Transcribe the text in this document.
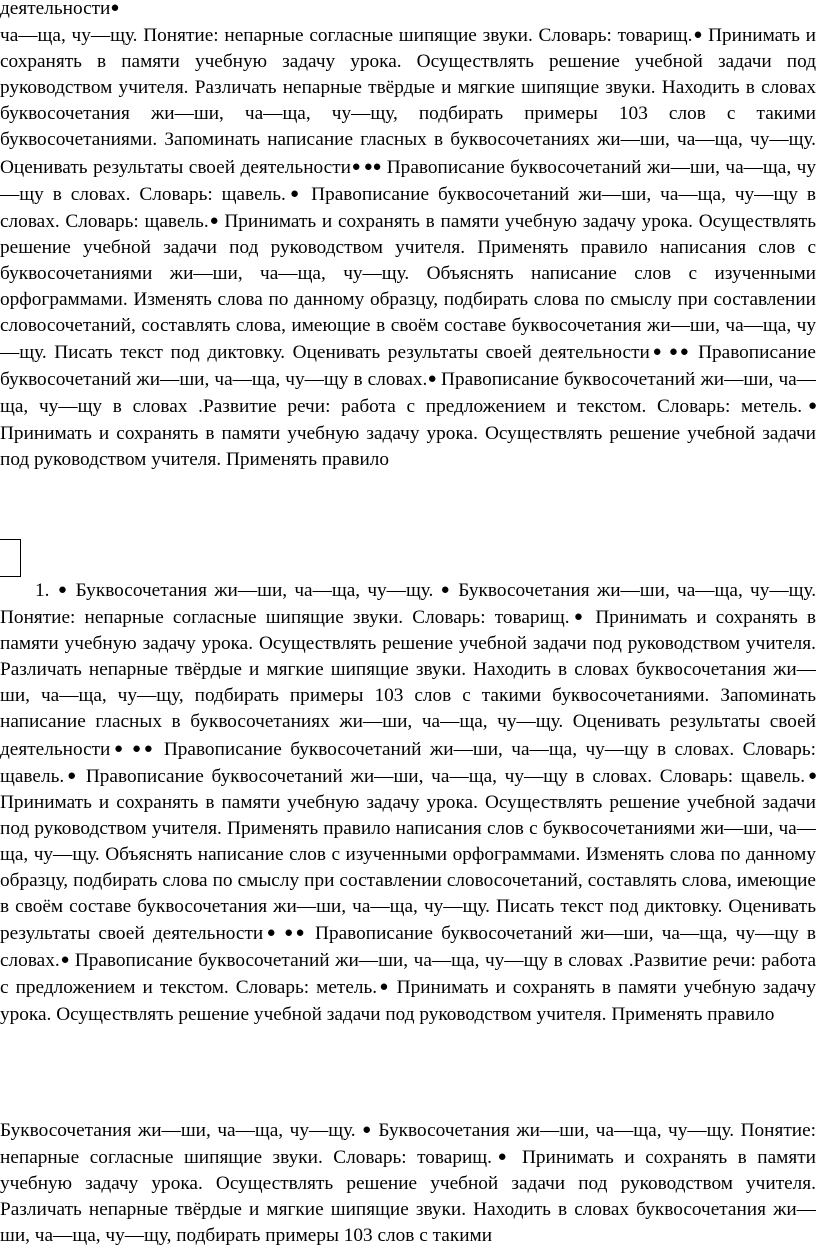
деятельности●
ча—ща, чу—щу. Понятие: непарные согласные шипящие звуки. Словарь: товарищ.● Принимать и сохранять в памяти учебную задачу урока. Осуществлять решение учебной задачи под руководством учителя. Различать непарные твёрдые и мягкие шипящие звуки. Находить в словах буквосочетания жи—ши, ча—ща, чу—щу, подбирать примеры 103 слов с такими буквосочетаниями. Запоминать написание гласных в буквосочетаниях жи—ши, ча—ща, чу—щу. Оценивать результаты своей деятельности● ●● Правописание буквосочетаний жи—ши, ча—ща, чу—щу в словах. Словарь: щавель.● Правописание буквосочетаний жи—ши, ча—ща, чу—щу в словах. Словарь: щавель.● Принимать и сохранять в памяти учебную задачу урока. Осуществлять решение учебной задачи под руководством учителя. Применять правило написания слов с буквосочетаниями жи—ши, ча—ща, чу—щу. Объяснять написание слов с изученными орфограммами. Изменять слова по данному образцу, подбирать слова по смыслу при составлении словосочетаний, составлять слова, имеющие в своём составе буквосочетания жи—ши, ча—ща, чу—щу. Писать текст под диктовку. Оценивать результаты своей деятельности● ●● Правописание буквосочетаний жи—ши, ча—ща, чу—щу в словах.● Правописание буквосочетаний жи—ши, ча—ща, чу—щу в словах .Развитие речи: работа с предложением и текстом. Словарь: метель.● Принимать и сохранять в памяти учебную задачу урока. Осуществлять решение учебной задачи под руководством учителя. Применять правило

1. ● Буквосочетания жи—ши, ча—ща, чу—щу. ● Буквосочетания жи—ши, ча—ща, чу—щу. Понятие: непарные согласные шипящие звуки. Словарь: товарищ.● Принимать и сохранять в памяти учебную задачу урока. Осуществлять решение учебной задачи под руководством учителя. Различать непарные твёрдые и мягкие шипящие звуки. Находить в словах буквосочетания жи—ши, ча—ща, чу—щу, подбирать примеры 103 слов с такими буквосочетаниями. Запоминать написание гласных в буквосочетаниях жи—ши, ча—ща, чу—щу. Оценивать результаты своей деятельности● ●● Правописание буквосочетаний жи—ши, ча—ща, чу—щу в словах. Словарь: щавель.● Правописание буквосочетаний жи—ши, ча—ща, чу—щу в словах. Словарь: щавель.● Принимать и сохранять в памяти учебную задачу урока. Осуществлять решение учебной задачи под руководством учителя. Применять правило написания слов с буквосочетаниями жи—ши, ча—ща, чу—щу. Объяснять написание слов с изученными орфограммами. Изменять слова по данному образцу, подбирать слова по смыслу при составлении словосочетаний, составлять слова, имеющие в своём составе буквосочетания жи—ши, ча—ща, чу—щу. Писать текст под диктовку. Оценивать результаты своей деятельности● ●● Правописание буквосочетаний жи—ши, ча—ща, чу—щу в словах.● Правописание буквосочетаний жи—ши, ча—ща, чу—щу в словах .Развитие речи: работа с предложением и текстом. Словарь: метель.● Принимать и сохранять в памяти учебную задачу урока. Осуществлять решение учебной задачи под руководством учителя. Применять правило

Буквосочетания жи—ши, ча—ща, чу—щу. ● Буквосочетания жи—ши, ча—ща, чу—щу. Понятие: непарные согласные шипящие звуки. Словарь: товарищ.● Принимать и сохранять в памяти учебную задачу урока. Осуществлять решение учебной задачи под руководством учителя. Различать непарные твёрдые и мягкие шипящие звуки. Находить в словах буквосочетания жи—ши, ча—ща, чу—щу, подбирать примеры 103 слов с такими
